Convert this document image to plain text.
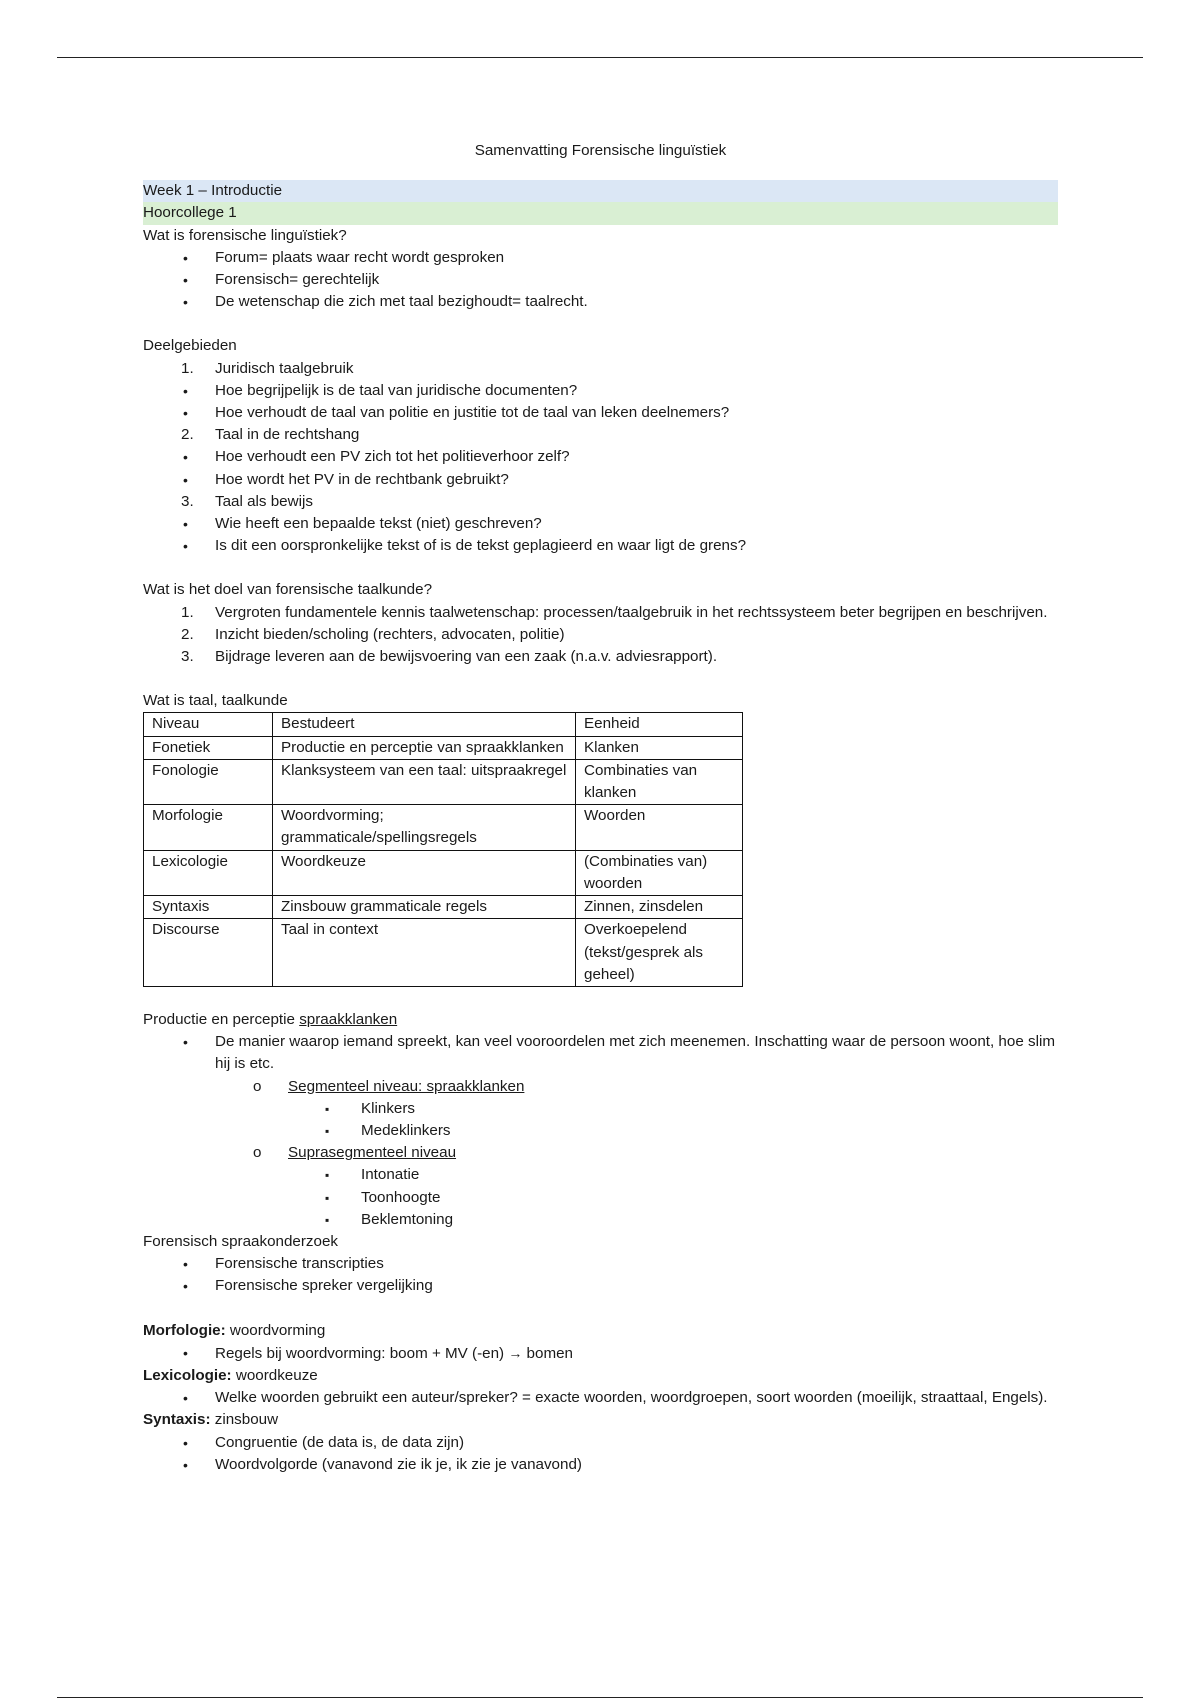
Samenvatting Forensische linguïstiek
Week 1 – Introductie
Hoorcollege 1
Wat is forensische linguïstiek?
• Forum= plaats waar recht wordt gesproken
• Forensisch= gerechtelijk
• De wetenschap die zich met taal bezighoudt= taalrecht.
Deelgebieden
1. Juridisch taalgebruik
• Hoe begrijpelijk is de taal van juridische documenten?
• Hoe verhoudt de taal van politie en justitie tot de taal van leken deelnemers?
2. Taal in de rechtshang
• Hoe verhoudt een PV zich tot het politieverhoor zelf?
• Hoe wordt het PV in de rechtbank gebruikt?
3. Taal als bewijs
• Wie heeft een bepaalde tekst (niet) geschreven?
• Is dit een oorspronkelijke tekst of is de tekst geplagieerd en waar ligt de grens?
Wat is het doel van forensische taalkunde?
1. Vergroten fundamentele kennis taalwetenschap: processen/taalgebruik in het rechtssysteem beter begrijpen en beschrijven.
2. Inzicht bieden/scholing (rechters, advocaten, politie)
3. Bijdrage leveren aan de bewijsvoering van een zaak (n.a.v. adviesrapport).
Wat is taal, taalkunde
Niveau	Bestudeert	Eenheid
Fonetiek	Productie en perceptie van spraakklanken	Klanken
Fonologie	Klanksysteem van een taal: uitspraakregel	Combinaties van klanken
Morfologie	Woordvorming; grammaticale/spellingsregels	Woorden
Lexicologie	Woordkeuze	(Combinaties van) woorden
Syntaxis	Zinsbouw grammaticale regels	Zinnen, zinsdelen
Discourse	Taal in context	Overkoepelend (tekst/gesprek als geheel)
Productie en perceptie spraakklanken
• De manier waarop iemand spreekt, kan veel vooroordelen met zich meenemen. Inschatting waar de persoon woont, hoe slim hij is etc.
o Segmenteel niveau: spraakklanken
▪ Klinkers
▪ Medeklinkers
o Suprasegmenteel niveau
▪ Intonatie
▪ Toonhoogte
▪ Beklemtoning
Forensisch spraakonderzoek
• Forensische transcripties
• Forensische spreker vergelijking
Morfologie: woordvorming
• Regels bij woordvorming: boom + MV (-en) → bomen
Lexicologie: woordkeuze
• Welke woorden gebruikt een auteur/spreker? = exacte woorden, woordgroepen, soort woorden (moeilijk, straattaal, Engels).
Syntaxis: zinsbouw
• Congruentie (de data is, de data zijn)
• Woordvolgorde (vanavond zie ik je, ik zie je vanavond)
